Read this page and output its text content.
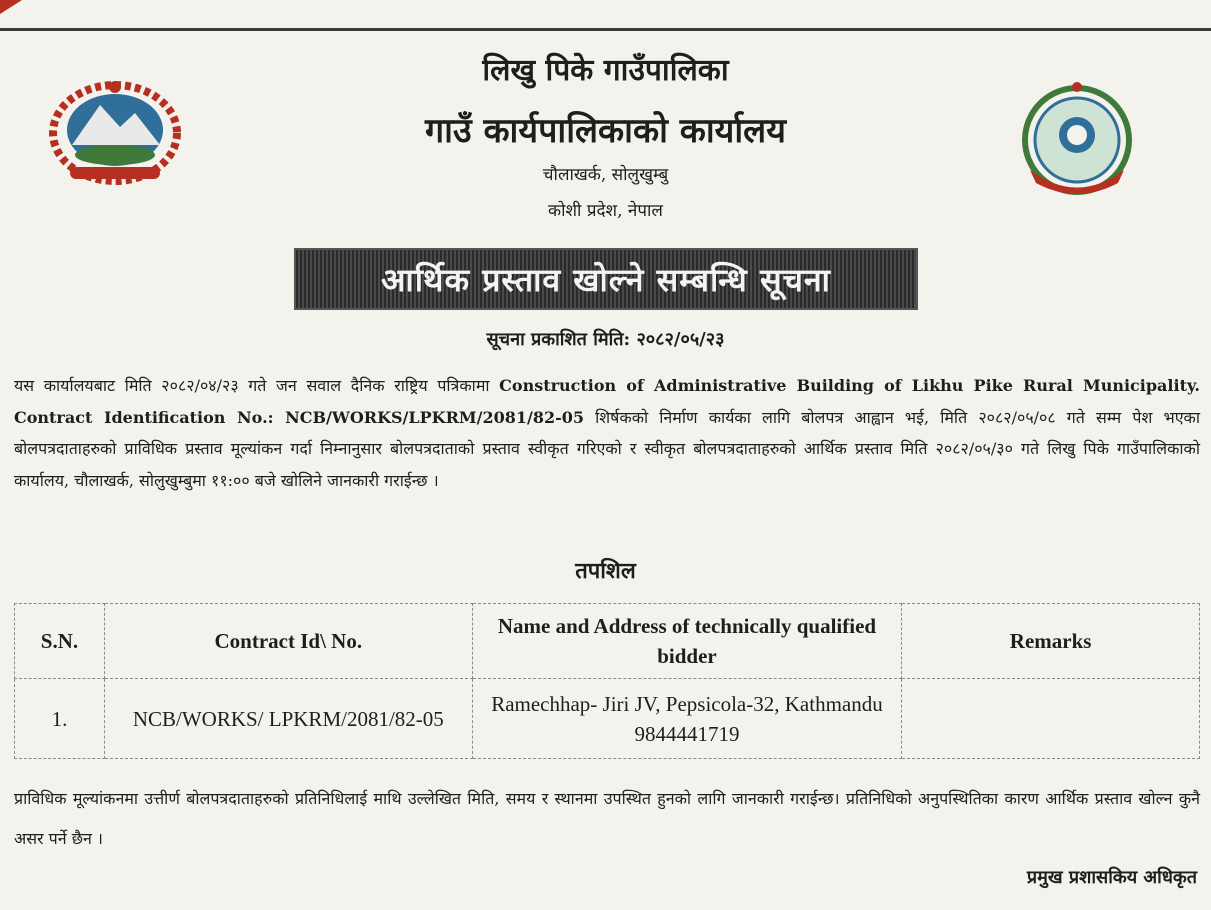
लिखु पिके गाउँपालिका
गाउँ कार्यपालिकाको कार्यालय
चौलाखर्क, सोलुखुम्बु
कोशी प्रदेश, नेपाल
आर्थिक प्रस्ताव खोल्ने सम्बन्धि सूचना
सूचना प्रकाशित मिति: २०८२/०५/२३

यस कार्यालयबाट मिति २०८२/०४/२३ गते जन सवाल दैनिक राष्ट्रिय पत्रिकामा Construction of Administrative Building of Likhu Pike Rural Municipality. Contract Identification No.: NCB/WORKS/LPKRM/2081/82-05 शिर्षकको निर्माण कार्यका लागि बोलपत्र आह्वान भई, मिति २०८२/०५/०८ गते सम्म पेश भएका बोलपत्रदाताहरुको प्राविधिक प्रस्ताव मूल्यांकन गर्दा निम्नानुसार बोलपत्रदाताको प्रस्ताव स्वीकृत गरिएको र स्वीकृत बोलपत्रदाताहरुको आर्थिक प्रस्ताव मिति २०८२/०५/३० गते लिखु पिके गाउँपालिकाको कार्यालय, चौलाखर्क, सोलुखुम्बुमा ११:०० बजे खोलिने जानकारी गराईन्छ ।

तपशिल
S.N.	Contract Id\ No.	Name and Address of technically qualified bidder	Remarks
1.	NCB/WORKS/ LPKRM/2081/82-05	Ramechhap- Jiri JV, Pepsicola-32, Kathmandu 9844441719	

प्राविधिक मूल्यांकनमा उत्तीर्ण बोलपत्रदाताहरुको प्रतिनिधिलाई माथि उल्लेखित मिति, समय र स्थानमा उपस्थित हुनको लागि जानकारी गराईन्छ। प्रतिनिधिको अनुपस्थितिका कारण आर्थिक प्रस्ताव खोल्न कुनै असर पर्ने छैन ।

प्रमुख प्रशासकिय अधिकृत
